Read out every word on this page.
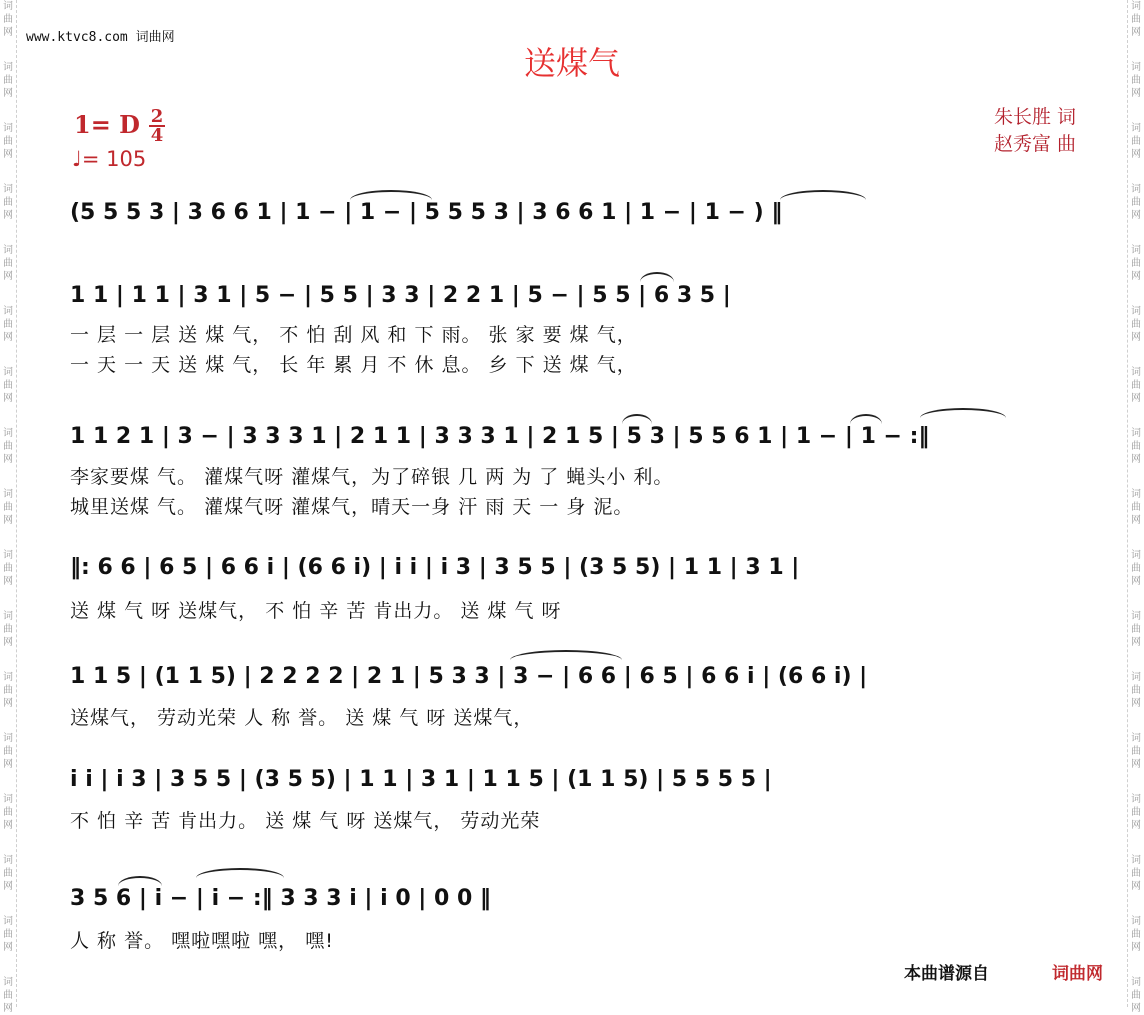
词
曲
网
词
曲
网
词
曲
网
词
曲
网
词
曲
网
词
曲
网
词
曲
网
词
曲
网
词
曲
网
词
曲
网
词
曲
网
词
曲
网
词
曲
网
词
曲
网
词
曲
网
词
曲
网
词
曲
网
词
曲
网
词
曲
网
词
曲
网
词
曲
网
词
曲
网
词
曲
网
词
曲
网
词
曲
网
词
曲
网
词
曲
网
词
曲
网
词
曲
网
词
曲
网
词
曲
网
词
曲
网
词
曲
网
词
曲
网
www.ktvc8.com 词曲网
送煤气
1= D 2
4
♩= 105
朱长胜 词
赵秀富 曲
(5 5 5 3 | 3 6 6 1 | 1 − | 1 − | 5 5 5 3 | 3 6 6 1 | 1 − | 1 − ) ‖
1 1 | 1 1 | 3 1 | 5 − | 5 5 | 3 3 | 2 2 1 | 5 − | 5 5 | 6 3 5 |
一 层 一 层 送 煤 气， 不 怕 刮 风 和 下 雨。 张 家 要 煤 气，
一 天 一 天 送 煤 气， 长 年 累 月 不 休 息。 乡 下 送 煤 气，
1 1 2 1 | 3 − | 3 3 3 1 | 2 1 1 | 3 3 3 1 | 2 1 5 | 5 3 | 5 5 6 1 | 1 − | 1 − :‖
李家要煤 气。 灌煤气呀 灌煤气，为了碎银 几 两 为 了 蝇头小 利。
城里送煤 气。 灌煤气呀 灌煤气，晴天一身 汗 雨 天 一 身 泥。
‖: 6 6 | 6 5 | 6 6 i | (6 6 i) | i i | i 3 | 3 5 5 | (3 5 5) | 1 1 | 3 1 |
送 煤 气 呀 送煤气， 不 怕 辛 苦 肯出力。 送 煤 气 呀
1 1 5 | (1 1 5) | 2 2 2 2 | 2 1 | 5 3 3 | 3 − | 6 6 | 6 5 | 6 6 i | (6 6 i) |
送煤气， 劳动光荣 人 称 誉。 送 煤 气 呀 送煤气，
i i | i 3 | 3 5 5 | (3 5 5) | 1 1 | 3 1 | 1 1 5 | (1 1 5) | 5 5 5 5 |
不 怕 辛 苦 肯出力。 送 煤 气 呀 送煤气， 劳动光荣
3 5 6 | i − | i − :‖ 3 3 3 i | i 0 | 0 0 ‖
人 称 誉。 嘿啦嘿啦 嘿， 嘿!
本曲谱源自	词曲网
